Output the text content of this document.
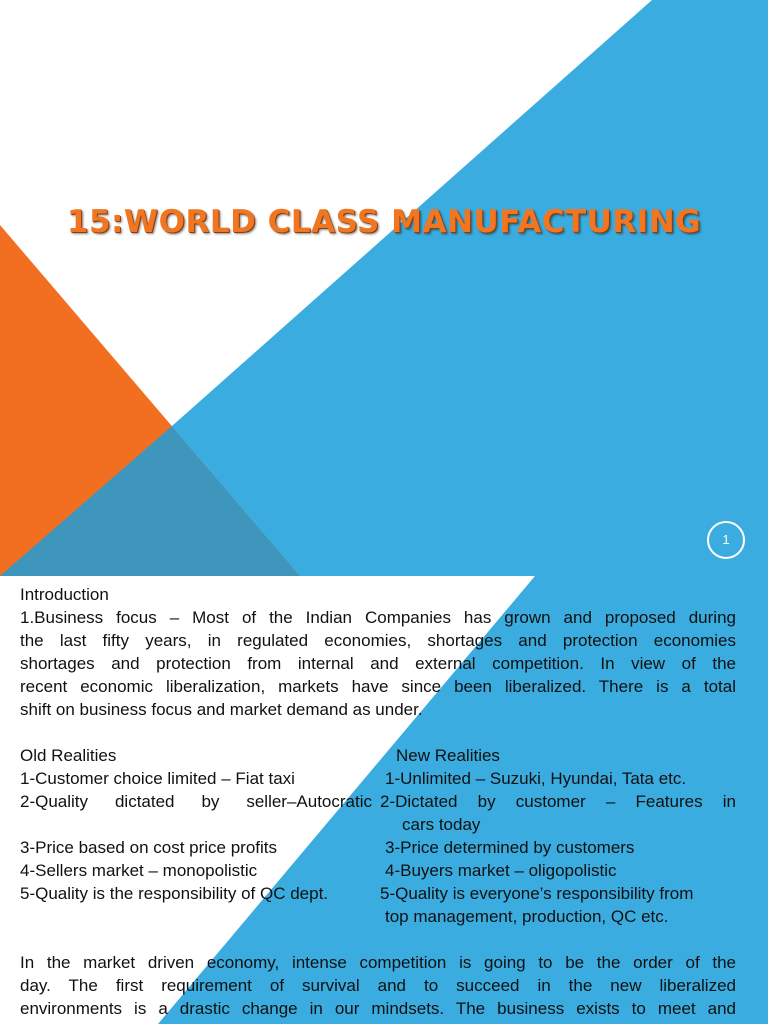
15:WORLD CLASS MANUFACTURING
1

Introduction

1.Business focus – Most of the Indian Companies has grown and proposed during

the last fifty years, in regulated economies, shortages and protection economies

shortages and protection from internal and external competition. In view of the

recent economic liberalization, markets have since been liberalized. There is a total

shift on business focus and market demand as under.

Old Realities	New Realities
1-Customer choice limited – Fiat taxi	1-Unlimited – Suzuki, Hyundai, Tata etc.
2-Quality dictated by seller–Autocratic 2-Dictated by customer – Features in
cars today
3-Price based on cost price profits	3-Price determined by customers
4-Sellers market – monopolistic	4-Buyers market – oligopolistic
5-Quality is the responsibility of QC dept.	5-Quality is everyone’s responsibility from
top management, production, QC etc.

In the market driven economy, intense competition is going to be the order of the

day. The first requirement of survival and to succeed in the new liberalized

environments is a drastic change in our mindsets. The business exists to meet and
